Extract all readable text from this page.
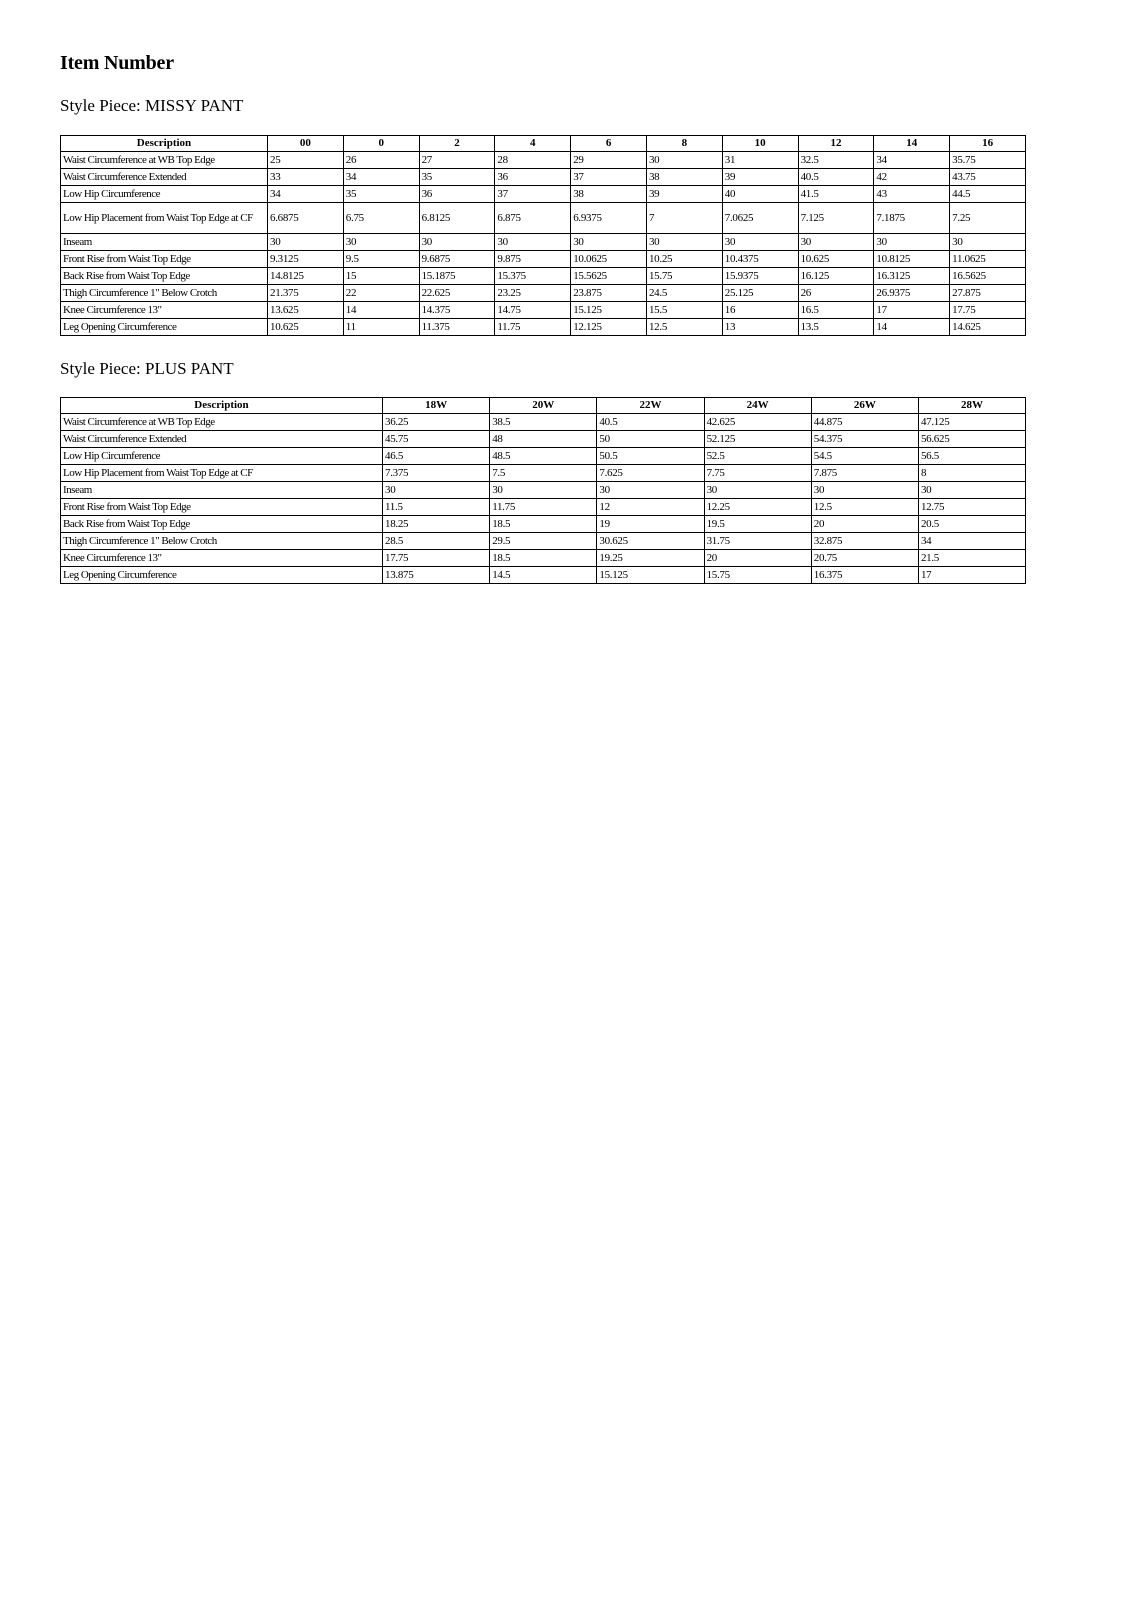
Item Number
Style Piece: MISSY PANT
Description	00	0	2	4	6	8	10	12	14	16
Waist Circumference at WB Top Edge	25	26	27	28	29	30	31	32.5	34	35.75
Waist Circumference Extended	33	34	35	36	37	38	39	40.5	42	43.75
Low Hip Circumference	34	35	36	37	38	39	40	41.5	43	44.5
Low Hip Placement from Waist Top Edge at CF	6.6875	6.75	6.8125	6.875	6.9375	7	7.0625	7.125	7.1875	7.25
Inseam	30	30	30	30	30	30	30	30	30	30
Front Rise from Waist Top Edge	9.3125	9.5	9.6875	9.875	10.0625	10.25	10.4375	10.625	10.8125	11.0625
Back Rise from Waist Top Edge	14.8125	15	15.1875	15.375	15.5625	15.75	15.9375	16.125	16.3125	16.5625
Thigh Circumference 1" Below Crotch	21.375	22	22.625	23.25	23.875	24.5	25.125	26	26.9375	27.875
Knee Circumference 13"	13.625	14	14.375	14.75	15.125	15.5	16	16.5	17	17.75
Leg Opening Circumference	10.625	11	11.375	11.75	12.125	12.5	13	13.5	14	14.625
Style Piece: PLUS PANT
Description	18W	20W	22W	24W	26W	28W
Waist Circumference at WB Top Edge	36.25	38.5	40.5	42.625	44.875	47.125
Waist Circumference Extended	45.75	48	50	52.125	54.375	56.625
Low Hip Circumference	46.5	48.5	50.5	52.5	54.5	56.5
Low Hip Placement from Waist Top Edge at CF	7.375	7.5	7.625	7.75	7.875	8
Inseam	30	30	30	30	30	30
Front Rise from Waist Top Edge	11.5	11.75	12	12.25	12.5	12.75
Back Rise from Waist Top Edge	18.25	18.5	19	19.5	20	20.5
Thigh Circumference 1" Below Crotch	28.5	29.5	30.625	31.75	32.875	34
Knee Circumference 13"	17.75	18.5	19.25	20	20.75	21.5
Leg Opening Circumference	13.875	14.5	15.125	15.75	16.375	17
